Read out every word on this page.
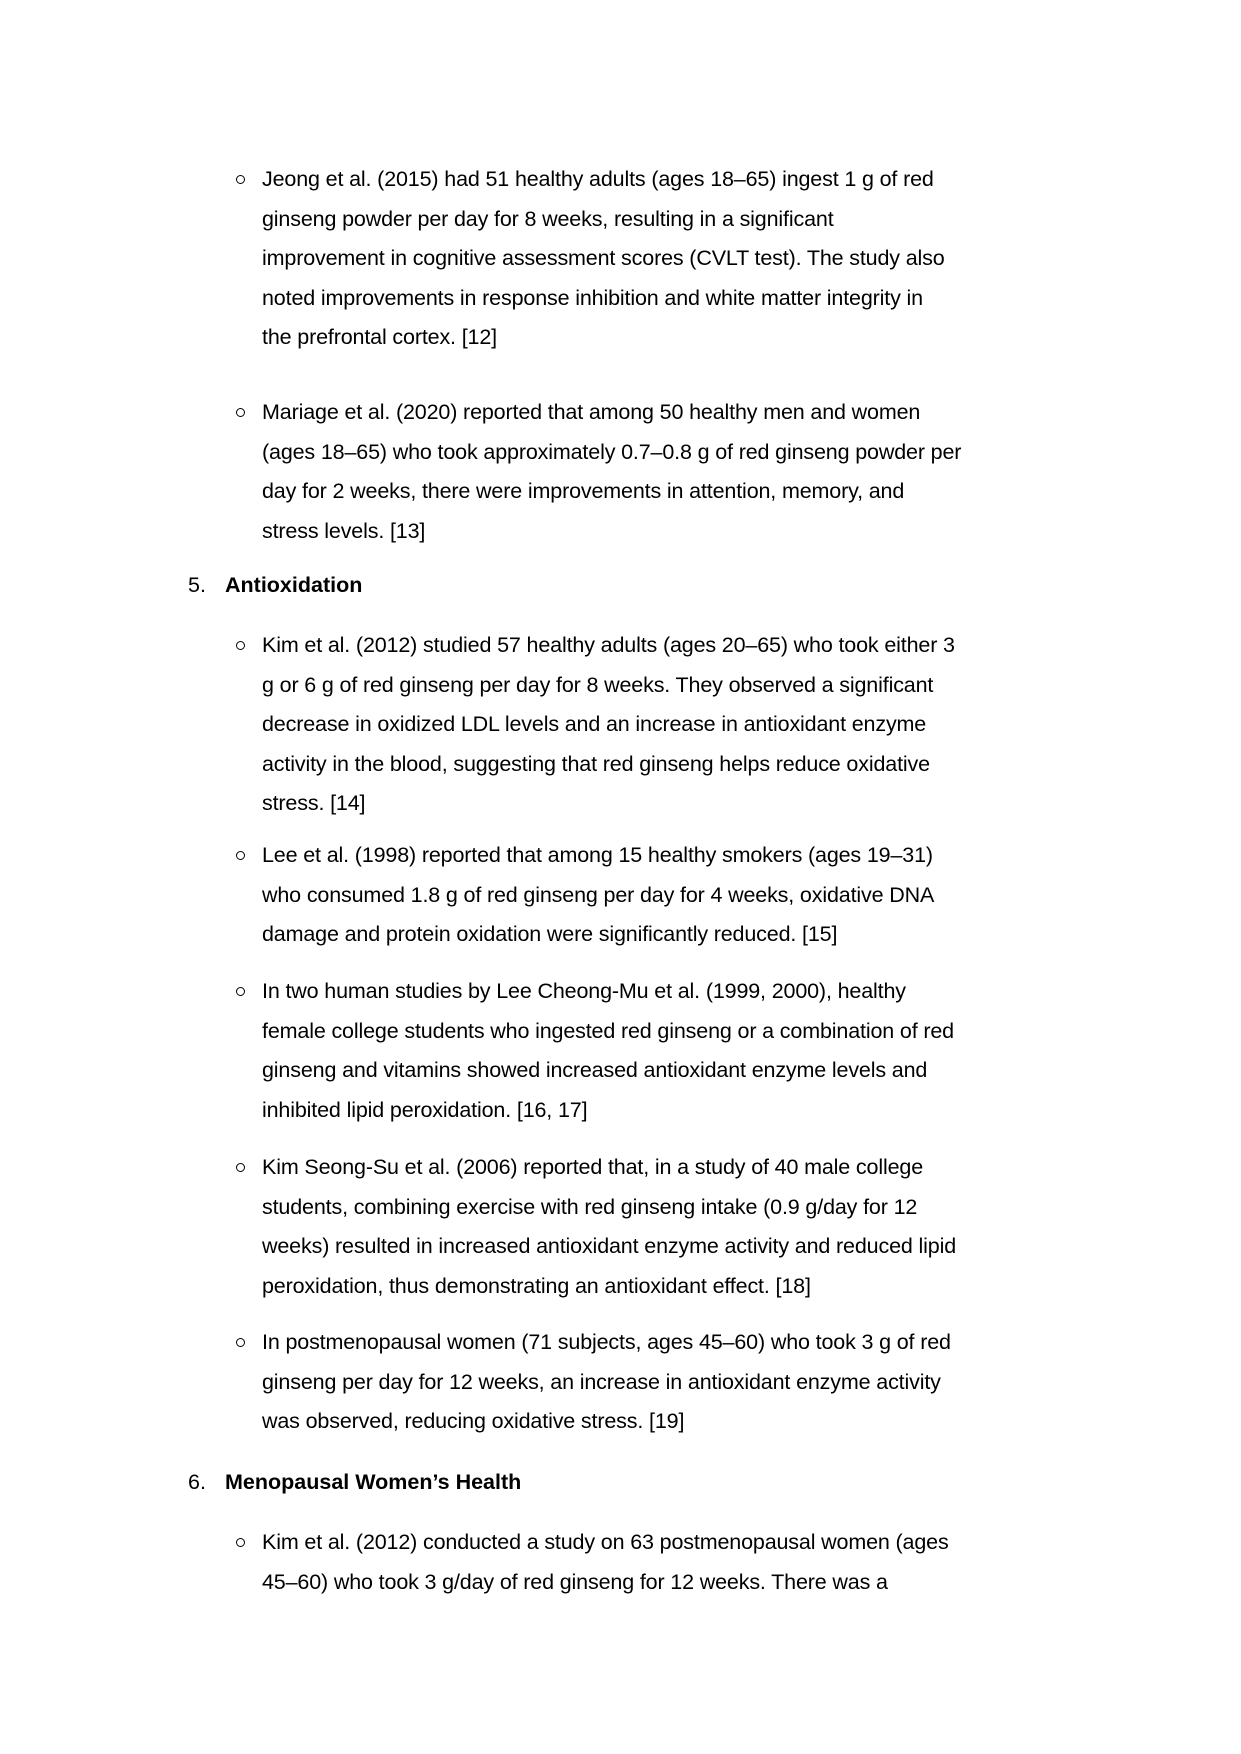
Jeong et al. (2015) had 51 healthy adults (ages 18–65) ingest 1 g of red
ginseng powder per day for 8 weeks, resulting in a significant
improvement in cognitive assessment scores (CVLT test). The study also
noted improvements in response inhibition and white matter integrity in
the prefrontal cortex. [12]

Mariage et al. (2020) reported that among 50 healthy men and women
(ages 18–65) who took approximately 0.7–0.8 g of red ginseng powder per
day for 2 weeks, there were improvements in attention, memory, and
stress levels. [13]

5. Antioxidation

Kim et al. (2012) studied 57 healthy adults (ages 20–65) who took either 3
g or 6 g of red ginseng per day for 8 weeks. They observed a significant
decrease in oxidized LDL levels and an increase in antioxidant enzyme
activity in the blood, suggesting that red ginseng helps reduce oxidative
stress. [14]

Lee et al. (1998) reported that among 15 healthy smokers (ages 19–31)
who consumed 1.8 g of red ginseng per day for 4 weeks, oxidative DNA
damage and protein oxidation were significantly reduced. [15]

In two human studies by Lee Cheong-Mu et al. (1999, 2000), healthy
female college students who ingested red ginseng or a combination of red
ginseng and vitamins showed increased antioxidant enzyme levels and
inhibited lipid peroxidation. [16, 17]

Kim Seong-Su et al. (2006) reported that, in a study of 40 male college
students, combining exercise with red ginseng intake (0.9 g/day for 12
weeks) resulted in increased antioxidant enzyme activity and reduced lipid
peroxidation, thus demonstrating an antioxidant effect. [18]

In postmenopausal women (71 subjects, ages 45–60) who took 3 g of red
ginseng per day for 12 weeks, an increase in antioxidant enzyme activity
was observed, reducing oxidative stress. [19]

6. Menopausal Women’s Health

Kim et al. (2012) conducted a study on 63 postmenopausal women (ages
45–60) who took 3 g/day of red ginseng for 12 weeks. There was a
